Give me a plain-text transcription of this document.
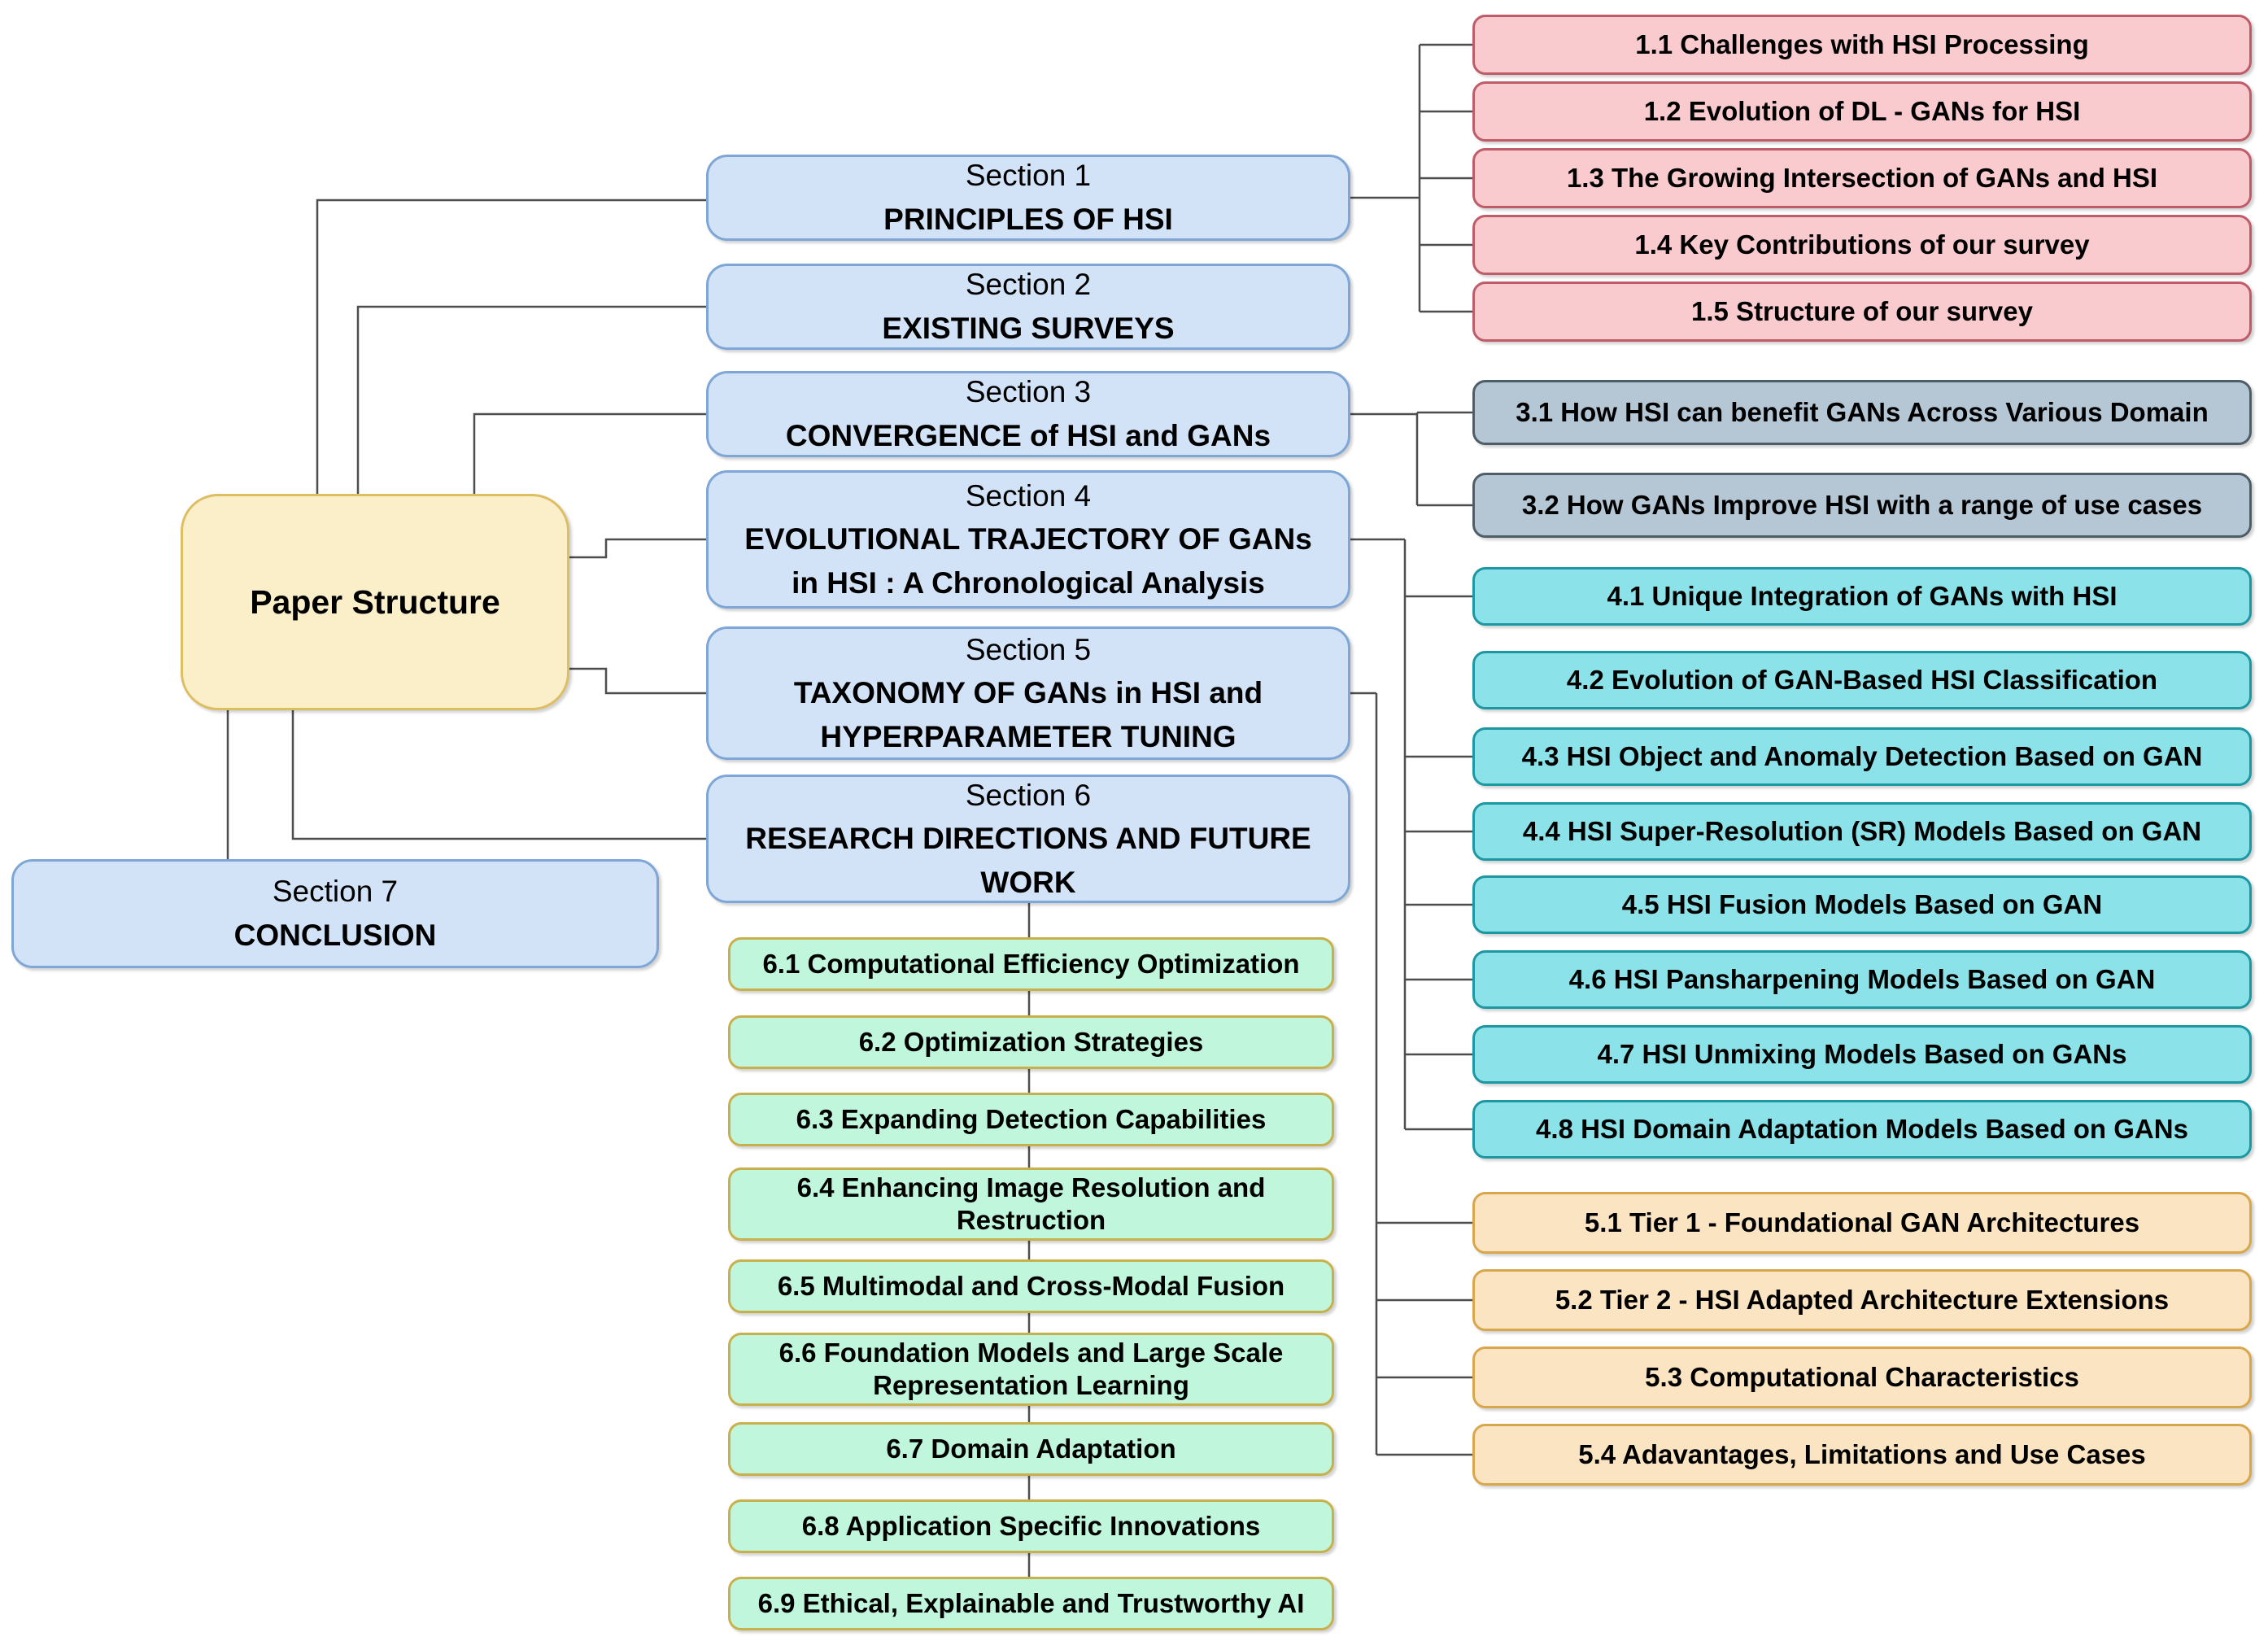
Paper Structure
Section 1
PRINCIPLES OF HSI
Section 2
EXISTING SURVEYS
Section 3
CONVERGENCE of HSI and GANs
Section 4
EVOLUTIONAL TRAJECTORY OF GANs in HSI : A Chronological Analysis
Section 5
TAXONOMY OF GANs in HSI and HYPERPARAMETER TUNING
Section 6
RESEARCH DIRECTIONS AND FUTURE WORK
Section 7
CONCLUSION
1.1 Challenges with HSI Processing
1.2 Evolution of DL - GANs for HSI
1.3 The Growing Intersection of GANs and HSI
1.4 Key Contributions of our survey
1.5 Structure of our survey
3.1 How HSI can benefit GANs Across Various Domain
3.2 How GANs Improve HSI with a range of use cases
4.1 Unique Integration of GANs with HSI
4.2 Evolution of GAN-Based HSI Classification
4.3 HSI Object and Anomaly Detection Based on GAN
4.4 HSI Super-Resolution (SR) Models Based on GAN
4.5 HSI Fusion Models Based on GAN
4.6 HSI Pansharpening Models Based on GAN
4.7 HSI Unmixing Models Based on GANs
4.8 HSI Domain Adaptation Models Based on GANs
5.1 Tier 1 - Foundational GAN Architectures
5.2 Tier 2 - HSI Adapted Architecture Extensions
5.3 Computational Characteristics
5.4 Adavantages, Limitations and Use Cases
6.1 Computational Efficiency Optimization
6.2 Optimization Strategies
6.3 Expanding Detection Capabilities
6.4 Enhancing Image Resolution and Restruction
6.5 Multimodal and Cross-Modal Fusion
6.6 Foundation Models and Large Scale Representation Learning
6.7 Domain Adaptation
6.8 Application Specific Innovations
6.9 Ethical, Explainable and Trustworthy AI
